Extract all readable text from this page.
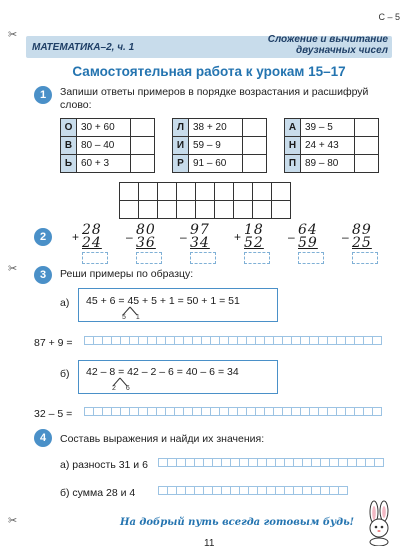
С – 5
✂
✂
✂
МАТЕМАТИКА–2, ч. 1
Сложение и вычитание
двузначных чисел
Самостоятельная работа к урокам 15–17
1	Запиши ответы примеров в порядке возрастания и расшифруй слово:
О	30 + 60	
В	80 – 40	
Ь	60 + 3	
Л	38 + 20	
И	59 – 9	
Р	91 – 60	
А	39 – 5	
Н	24 + 43	
П	89 – 80	

2	+ 28
24	– 80
36	– 97
34	+ 18
52	– 64
59	– 89
25
3	Реши примеры по образцу:
а) 45 + 6 = 45 + 5 + 1 = 50 + 1 = 51
5 1
87 + 9 =
б) 42 – 8 = 42 – 2 – 6 = 40 – 6 = 34
2 6
32 – 5 =
4	Составь выражения и найди их значения:
а) разность 31 и 6
б) сумма 28 и 4
На добрый путь всегда готовым будь!
11
